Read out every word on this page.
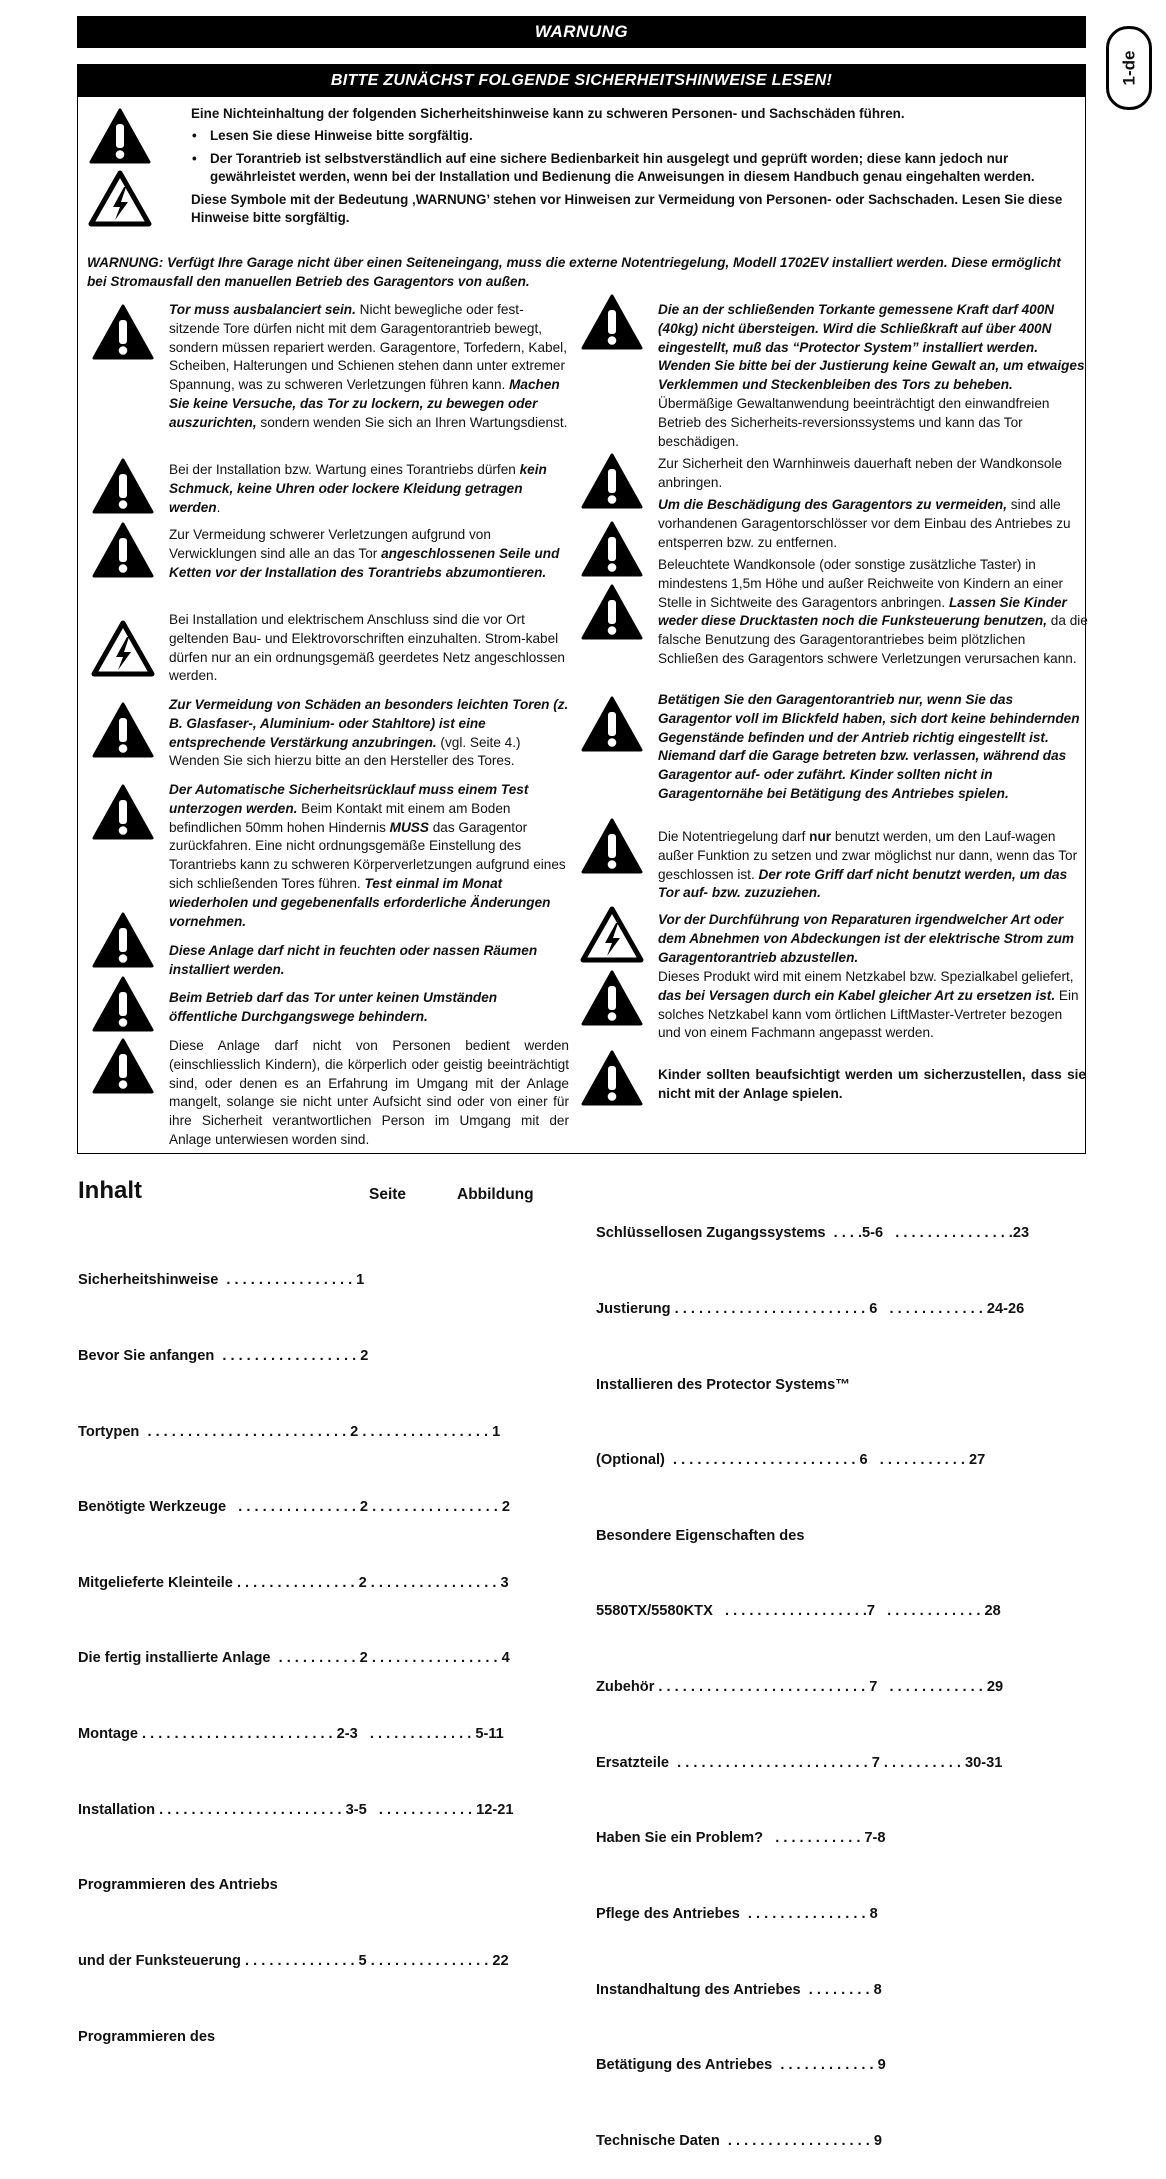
WARNUNG
1-de
BITTE ZUNÄCHST FOLGENDE SICHERHEITSHINWEISE LESEN!

Eine Nichteinhaltung der folgenden Sicherheitshinweise kann zu schweren Personen- und Sachschäden führen.

• Lesen Sie diese Hinweise bitte sorgfältig.
• Der Torantrieb ist selbstverständlich auf eine sichere Bedienbarkeit hin ausgelegt und geprüft worden; diese kann jedoch nur gewährleistet werden, wenn bei der Installation und Bedienung die Anweisungen in diesem Handbuch genau eingehalten werden.

Diese Symbole mit der Bedeutung ‚WARNUNG’ stehen vor Hinweisen zur Vermeidung von Personen- oder Sachschaden. Lesen Sie diese Hinweise bitte sorgfältig.

WARNUNG: Verfügt Ihre Garage nicht über einen Seiteneingang, muss die externe Notentriegelung, Modell 1702EV installiert werden. Diese ermöglicht bei Stromausfall den manuellen Betrieb des Garagentors von außen.
Tor muss ausbalanciert sein. Nicht bewegliche oder fest-sitzende Tore dürfen nicht mit dem Garagentorantrieb bewegt, sondern müssen repariert werden. Garagentore, Torfedern, Kabel, Scheiben, Halterungen und Schienen stehen dann unter extremer Spannung, was zu schweren Verletzungen führen kann. Machen Sie keine Versuche, das Tor zu lockern, zu bewegen oder auszurichten, sondern wenden Sie sich an Ihren Wartungsdienst.
Bei der Installation bzw. Wartung eines Torantriebs dürfen kein Schmuck, keine Uhren oder lockere Kleidung getragen werden.
Zur Vermeidung schwerer Verletzungen aufgrund von Verwicklungen sind alle an das Tor angeschlossenen Seile und Ketten vor der Installation des Torantriebs abzumontieren.
Bei Installation und elektrischem Anschluss sind die vor Ort geltenden Bau- und Elektrovorschriften einzuhalten. Strom-kabel dürfen nur an ein ordnungsgemäß geerdetes Netz angeschlossen werden.
Zur Vermeidung von Schäden an besonders leichten Toren (z. B. Glasfaser-, Aluminium- oder Stahltore) ist eine entsprechende Verstärkung anzubringen. (vgl. Seite 4.) Wenden Sie sich hierzu bitte an den Hersteller des Tores.
Der Automatische Sicherheitsrücklauf muss einem Test unterzogen werden. Beim Kontakt mit einem am Boden befindlichen 50mm hohen Hindernis MUSS das Garagentor zurückfahren. Eine nicht ordnungsgemäße Einstellung des Torantriebs kann zu schweren Körperverletzungen aufgrund eines sich schließenden Tores führen. Test einmal im Monat wiederholen und gegebenenfalls erforderliche Änderungen vornehmen.
Diese Anlage darf nicht in feuchten oder nassen Räumen installiert werden.
Beim Betrieb darf das Tor unter keinen Umständen öffentliche Durchgangswege behindern.
Diese Anlage darf nicht von Personen bedient werden (einschliesslich Kindern), die körperlich oder geistig beeinträchtigt sind, oder denen es an Erfahrung im Umgang mit der Anlage mangelt, solange sie nicht unter Aufsicht sind oder von einer für ihre Sicherheit verantwortlichen Person im Umgang mit der Anlage unterwiesen worden sind.
Die an der schließenden Torkante gemessene Kraft darf 400N (40kg) nicht übersteigen. Wird die Schließkraft auf über 400N eingestellt, muß das “Protector System” installiert werden. Wenden Sie bitte bei der Justierung keine Gewalt an, um etwaiges Verklemmen und Steckenbleiben des Tors zu beheben. Übermäßige Gewaltanwendung beeinträchtigt den einwandfreien Betrieb des Sicherheits-reversionssystems und kann das Tor beschädigen.
Zur Sicherheit den Warnhinweis dauerhaft neben der Wandkonsole anbringen.
Um die Beschädigung des Garagentors zu vermeiden, sind alle vorhandenen Garagentorschlösser vor dem Einbau des Antriebes zu entsperren bzw. zu entfernen.
Beleuchtete Wandkonsole (oder sonstige zusätzliche Taster) in mindestens 1,5m Höhe und außer Reichweite von Kindern an einer Stelle in Sichtweite des Garagentors anbringen. Lassen Sie Kinder weder diese Drucktasten noch die Funksteuerung benutzen, da die falsche Benutzung des Garagentorantriebes beim plötzlichen Schließen des Garagentors schwere Verletzungen verursachen kann.
Betätigen Sie den Garagentorantrieb nur, wenn Sie das Garagentor voll im Blickfeld haben, sich dort keine behindernden Gegenstände befinden und der Antrieb richtig eingestellt ist. Niemand darf die Garage betreten bzw. verlassen, während das Garagentor auf- oder zufährt. Kinder sollten nicht in Garagentornähe bei Betätigung des Antriebes spielen.
Die Notentriegelung darf nur benutzt werden, um den Lauf-wagen außer Funktion zu setzen und zwar möglichst nur dann, wenn das Tor geschlossen ist. Der rote Griff darf nicht benutzt werden, um das Tor auf- bzw. zuzuziehen.
Vor der Durchführung von Reparaturen irgendwelcher Art oder dem Abnehmen von Abdeckungen ist der elektrische Strom zum Garagentorantrieb abzustellen.
Dieses Produkt wird mit einem Netzkabel bzw. Spezialkabel geliefert, das bei Versagen durch ein Kabel gleicher Art zu ersetzen ist. Ein solches Netzkabel kann vom örtlichen LiftMaster-Vertreter bezogen und von einem Fachmann angepasst werden.
Kinder sollten beaufsichtigt werden um sicherzustellen, dass sie nicht mit der Anlage spielen.
Inhalt	Seite	Abbildung

Sicherheitshinweise  . . . . . . . . . . . . . . . . 1

Bevor Sie anfangen  . . . . . . . . . . . . . . . . . 2

Tortypen  . . . . . . . . . . . . . . . . . . . . . . . . . 2 . . . . . . . . . . . . . . . . 1

Benötigte Werkzeuge   . . . . . . . . . . . . . . . 2 . . . . . . . . . . . . . . . . 2

Mitgelieferte Kleinteile . . . . . . . . . . . . . . . 2 . . . . . . . . . . . . . . . . 3

Die fertig installierte Anlage  . . . . . . . . . . 2 . . . . . . . . . . . . . . . . 4

Montage . . . . . . . . . . . . . . . . . . . . . . . . 2-3   . . . . . . . . . . . . . 5-11

Installation . . . . . . . . . . . . . . . . . . . . . . . 3-5   . . . . . . . . . . . . 12-21

Programmieren des Antriebs

und der Funksteuerung . . . . . . . . . . . . . . 5 . . . . . . . . . . . . . . . 22

Programmieren des

Schlüssellosen Zugangssystems  . . . .5-6   . . . . . . . . . . . . . . .23

Justierung . . . . . . . . . . . . . . . . . . . . . . . . 6   . . . . . . . . . . . . 24-26

Installieren des Protector Systems™

(Optional)  . . . . . . . . . . . . . . . . . . . . . . . 6   . . . . . . . . . . . 27

Besondere Eigenschaften des

5580TX/5580KTX   . . . . . . . . . . . . . . . . . .7   . . . . . . . . . . . . 28

Zubehör . . . . . . . . . . . . . . . . . . . . . . . . . . 7   . . . . . . . . . . . . 29

Ersatzteile  . . . . . . . . . . . . . . . . . . . . . . . . 7 . . . . . . . . . . 30-31

Haben Sie ein Problem?   . . . . . . . . . . . 7-8

Pflege des Antriebes  . . . . . . . . . . . . . . . 8

Instandhaltung des Antriebes  . . . . . . . . 8

Betätigung des Antriebes  . . . . . . . . . . . . 9

Technische Daten  . . . . . . . . . . . . . . . . . . 9
